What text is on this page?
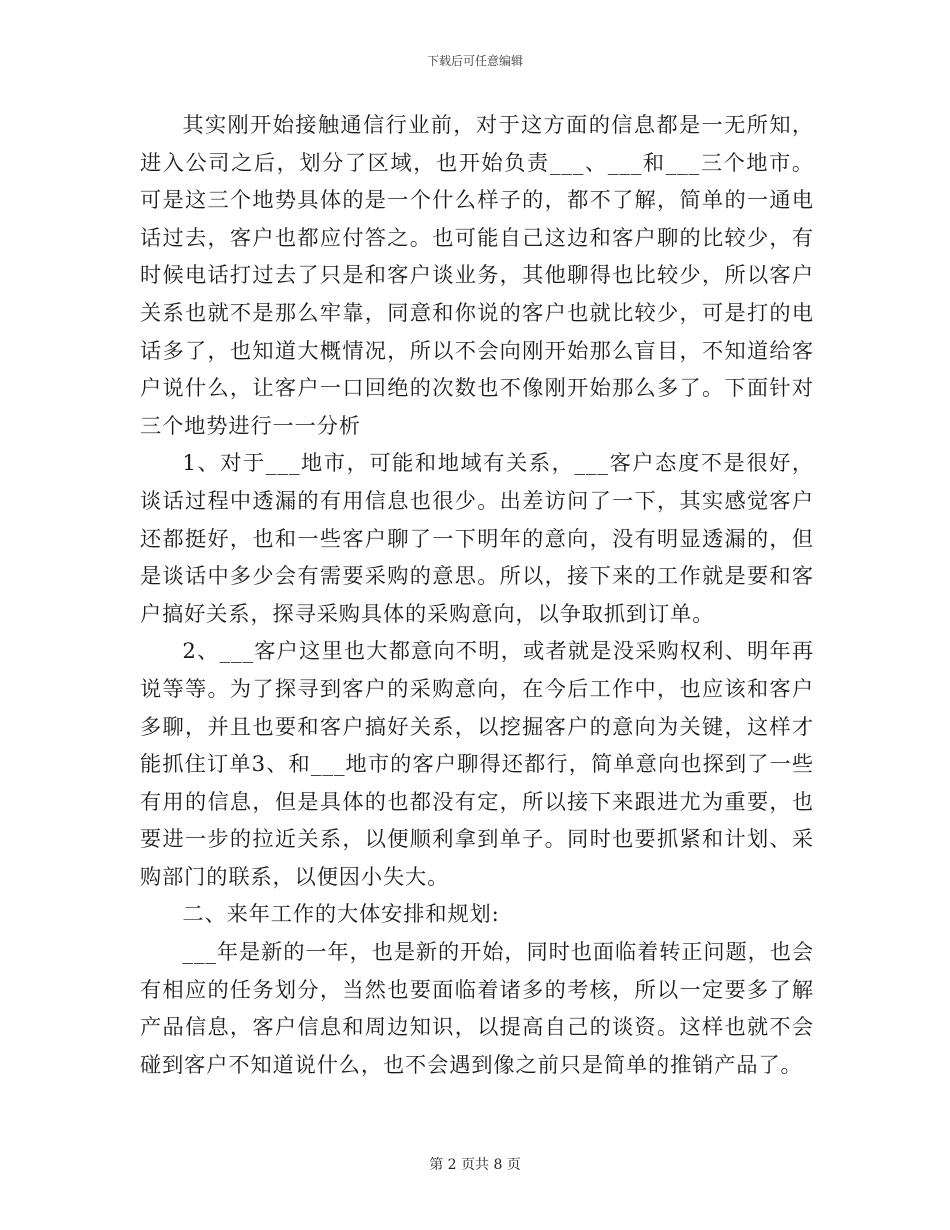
下载后可任意编辑

其实刚开始接触通信行业前，对于这方面的信息都是一无所知，进入公司之后，划分了区域，也开始负责___、___和___三个地市。可是这三个地势具体的是一个什么样子的，都不了解，简单的一通电话过去，客户也都应付答之。也可能自己这边和客户聊的比较少，有时候电话打过去了只是和客户谈业务，其他聊得也比较少，所以客户关系也就不是那么牢靠，同意和你说的客户也就比较少，可是打的电话多了，也知道大概情况，所以不会向刚开始那么盲目，不知道给客户说什么，让客户一口回绝的次数也不像刚开始那么多了。下面针对三个地势进行一一分析

1、对于___地市，可能和地域有关系，___客户态度不是很好，谈话过程中透漏的有用信息也很少。出差访问了一下，其实感觉客户还都挺好，也和一些客户聊了一下明年的意向，没有明显透漏的，但是谈话中多少会有需要采购的意思。所以，接下来的工作就是要和客户搞好关系，探寻采购具体的采购意向，以争取抓到订单。

2、___客户这里也大都意向不明，或者就是没采购权利、明年再说等等。为了探寻到客户的采购意向，在今后工作中，也应该和客户多聊，并且也要和客户搞好关系，以挖掘客户的意向为关键，这样才能抓住订单3、和___地市的客户聊得还都行，简单意向也探到了一些有用的信息，但是具体的也都没有定，所以接下来跟进尤为重要，也要进一步的拉近关系，以便顺利拿到单子。同时也要抓紧和计划、采购部门的联系，以便因小失大。

二、来年工作的大体安排和规划:

___年是新的一年，也是新的开始，同时也面临着转正问题，也会有相应的任务划分，当然也要面临着诸多的考核，所以一定要多了解产品信息，客户信息和周边知识，以提高自己的谈资。这样也就不会碰到客户不知道说什么，也不会遇到像之前只是简单的推销产品了。

第 2 页共 8 页
